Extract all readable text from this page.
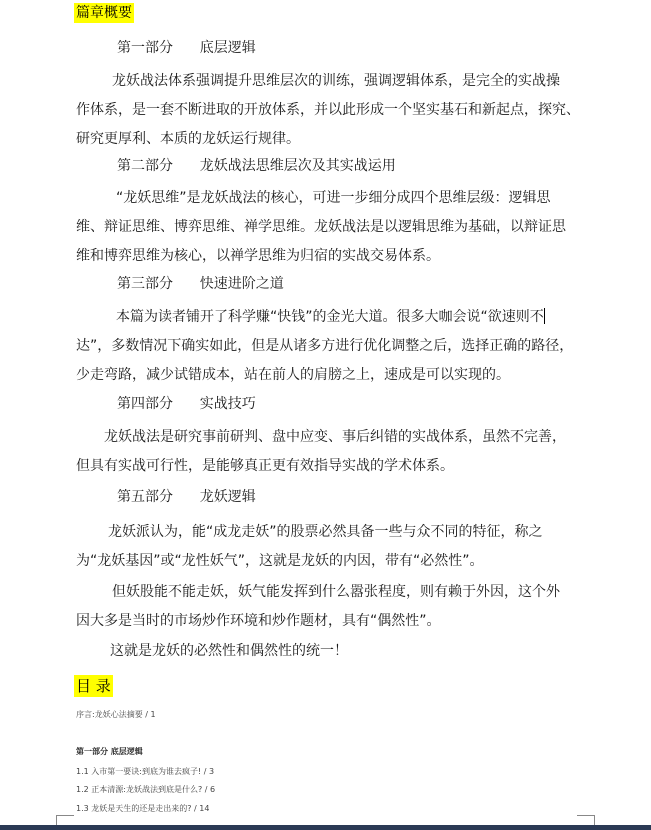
篇章概要
第一部分      底层逻辑
龙妖战法体系强调提升思维层次的训练，强调逻辑体系，是完全的实战操
作体系，是一套不断进取的开放体系，并以此形成一个坚实基石和新起点，探究、
研究更厚利、本质的龙妖运行规律。
第二部分      龙妖战法思维层次及其实战运用
“龙妖思维”是龙妖战法的核心，可进一步细分成四个思维层级：逻辑思
维、辩证思维、博弈思维、禅学思维。龙妖战法是以逻辑思维为基础，以辩证思
维和博弈思维为核心，以禅学思维为归宿的实战交易体系。
第三部分      快速进阶之道
本篇为读者铺开了科学赚“快钱”的金光大道。很多大咖会说“欲速则不
达”，多数情况下确实如此，但是从诸多方进行优化调整之后，选择正确的路径，
少走弯路，减少试错成本，站在前人的肩膀之上，速成是可以实现的。
第四部分      实战技巧
龙妖战法是研究事前研判、盘中应变、事后纠错的实战体系，虽然不完善，
但具有实战可行性，是能够真正更有效指导实战的学术体系。
第五部分      龙妖逻辑
龙妖派认为，能“成龙走妖”的股票必然具备一些与众不同的特征，称之
为“龙妖基因”或“龙性妖气”，这就是龙妖的内因，带有“必然性”。
但妖股能不能走妖，妖气能发挥到什么嚣张程度，则有赖于外因，这个外
因大多是当时的市场炒作环境和炒作题材，具有“偶然性”。
这就是龙妖的必然性和偶然性的统一！
目 录
序言:龙妖心法摘要 / 1
第一部分 底层逻辑
1.1 入市第一要诀:到底为谁去疯子! / 3
1.2 正本清源:龙妖战法到底是什么? / 6
1.3 龙妖是天生的还是走出来的? / 14
